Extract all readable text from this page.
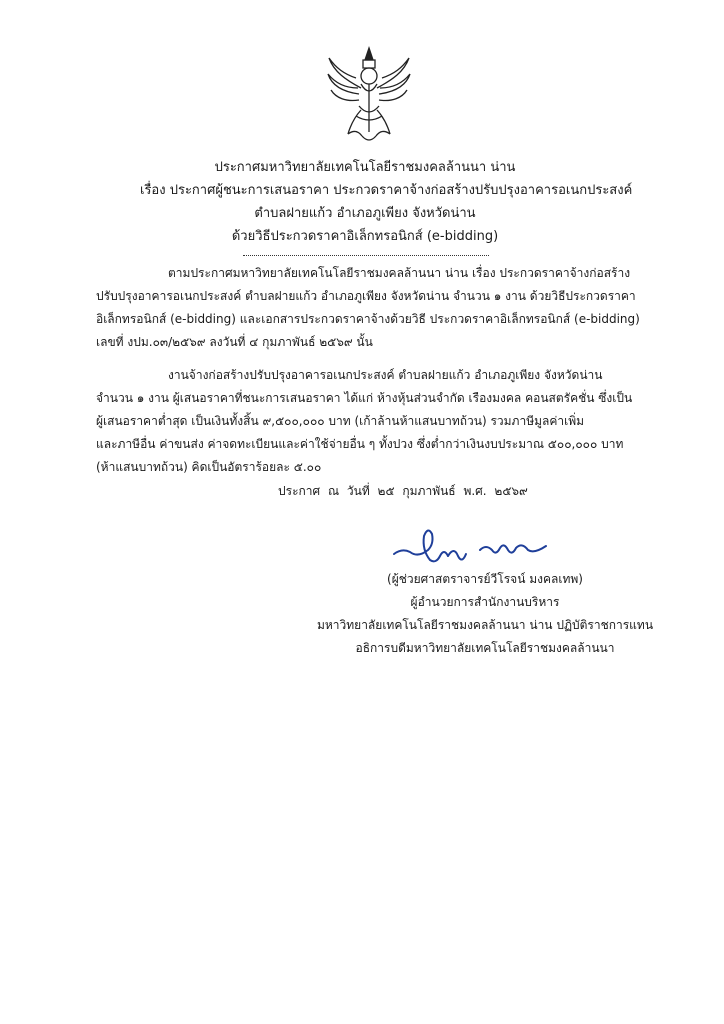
ประกาศมหาวิทยาลัยเทคโนโลยีราชมงคลล้านนา น่าน
เรื่อง ประกาศผู้ชนะการเสนอราคา ประกวดราคาจ้างก่อสร้างปรับปรุงอาคารอเนกประสงค์
ตำบลฝายแก้ว อำเภอภูเพียง จังหวัดน่าน
ด้วยวิธีประกวดราคาอิเล็กทรอนิกส์ (e-bidding)
ตามประกาศมหาวิทยาลัยเทคโนโลยีราชมงคลล้านนา น่าน เรื่อง ประกวดราคาจ้างก่อสร้าง
ปรับปรุงอาคารอเนกประสงค์ ตำบลฝายแก้ว อำเภอภูเพียง จังหวัดน่าน จำนวน ๑ งาน ด้วยวิธีประกวดราคา
อิเล็กทรอนิกส์ (e-bidding) และเอกสารประกวดราคาจ้างด้วยวิธี ประกวดราคาอิเล็กทรอนิกส์ (e-bidding)
เลขที่ งปม.๐๓/๒๕๖๙ ลงวันที่ ๔ กุมภาพันธ์ ๒๕๖๙ นั้น
งานจ้างก่อสร้างปรับปรุงอาคารอเนกประสงค์ ตำบลฝายแก้ว อำเภอภูเพียง จังหวัดน่าน
จำนวน ๑ งาน ผู้เสนอราคาที่ชนะการเสนอราคา ได้แก่ ห้างหุ้นส่วนจำกัด เรืองมงคล คอนสตรัคชั่น ซึ่งเป็น
ผู้เสนอราคาต่ำสุด เป็นเงินทั้งสิ้น ๙,๕๐๐,๐๐๐ บาท (เก้าล้านห้าแสนบาทถ้วน) รวมภาษีมูลค่าเพิ่ม
และภาษีอื่น ค่าขนส่ง ค่าจดทะเบียนและค่าใช้จ่ายอื่น ๆ ทั้งปวง ซึ่งต่ำกว่าเงินงบประมาณ ๕๐๐,๐๐๐ บาท
(ห้าแสนบาทถ้วน) คิดเป็นอัตราร้อยละ ๕.๐๐
ประกาศ ณ วันที่ ๒๕ กุมภาพันธ์ พ.ศ. ๒๕๖๙
(ผู้ช่วยศาสตราจารย์วีโรจน์ มงคลเทพ)
ผู้อำนวยการสำนักงานบริหาร
มหาวิทยาลัยเทคโนโลยีราชมงคลล้านนา น่าน ปฏิบัติราชการแทน
อธิการบดีมหาวิทยาลัยเทคโนโลยีราชมงคลล้านนา
